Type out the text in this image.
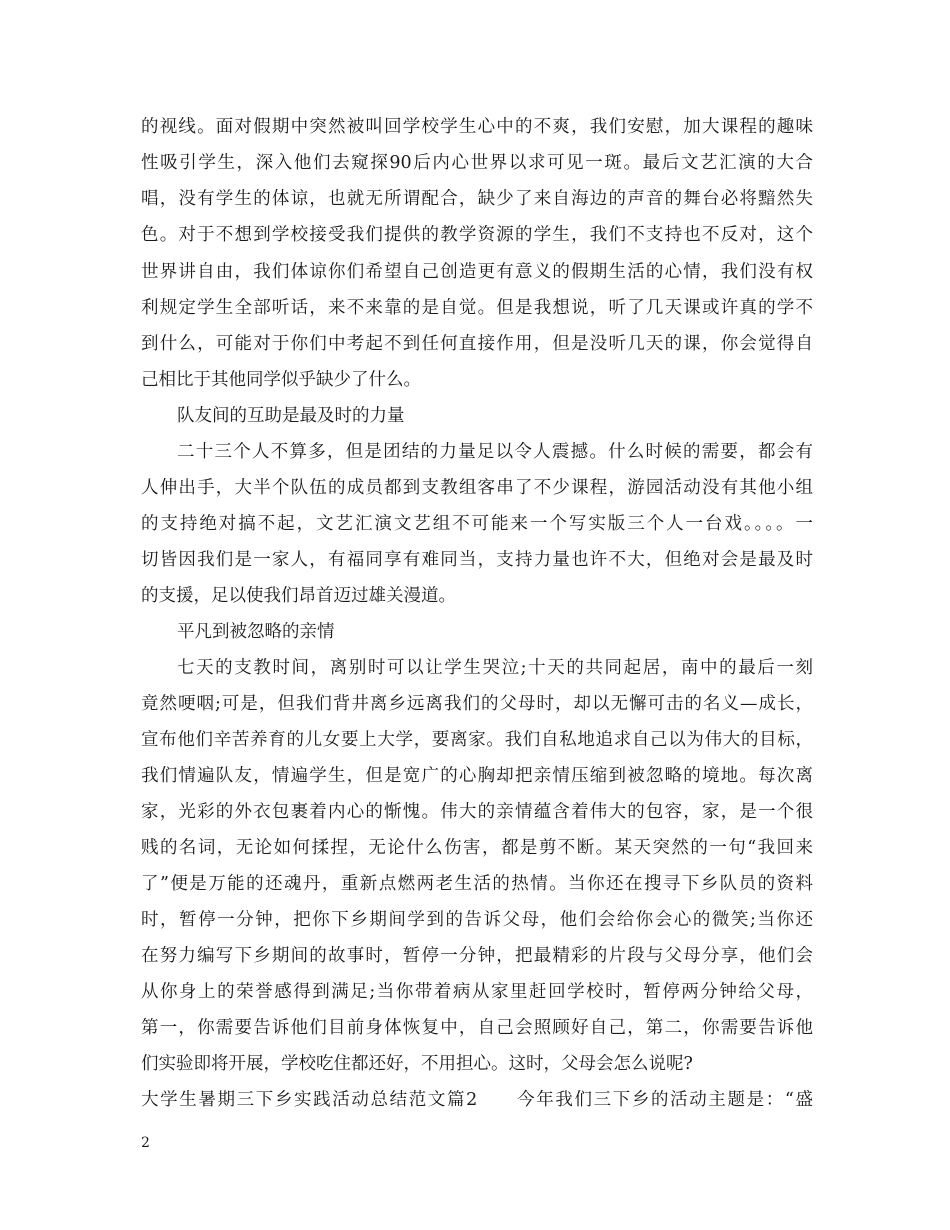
的视线。面对假期中突然被叫回学校学生心中的不爽，我们安慰，加大课程的趣味
性吸引学生，深入他们去窥探90后内心世界以求可见一斑。最后文艺汇演的大合
唱，没有学生的体谅，也就无所谓配合，缺少了来自海边的声音的舞台必将黯然失
色。对于不想到学校接受我们提供的教学资源的学生，我们不支持也不反对，这个
世界讲自由，我们体谅你们希望自己创造更有意义的假期生活的心情，我们没有权
利规定学生全部听话，来不来靠的是自觉。但是我想说，听了几天课或许真的学不
到什么，可能对于你们中考起不到任何直接作用，但是没听几天的课，你会觉得自
己相比于其他同学似乎缺少了什么。
队友间的互助是最及时的力量
二十三个人不算多，但是团结的力量足以令人震撼。什么时候的需要，都会有
人伸出手，大半个队伍的成员都到支教组客串了不少课程，游园活动没有其他小组
的支持绝对搞不起，文艺汇演文艺组不可能来一个写实版三个人一台戏。。。。一
切皆因我们是一家人，有福同享有难同当，支持力量也许不大，但绝对会是最及时
的支援，足以使我们昂首迈过雄关漫道。
平凡到被忽略的亲情
七天的支教时间，离别时可以让学生哭泣;十天的共同起居，南中的最后一刻
竟然哽咽;可是，但我们背井离乡远离我们的父母时，却以无懈可击的名义—成长，
宣布他们辛苦养育的儿女要上大学，要离家。我们自私地追求自己以为伟大的目标，
我们情遍队友，情遍学生，但是宽广的心胸却把亲情压缩到被忽略的境地。每次离
家，光彩的外衣包裹着内心的惭愧。伟大的亲情蕴含着伟大的包容，家，是一个很
贱的名词，无论如何揉捏，无论什么伤害，都是剪不断。某天突然的一句“我回来
了”便是万能的还魂丹，重新点燃两老生活的热情。当你还在搜寻下乡队员的资料
时，暂停一分钟，把你下乡期间学到的告诉父母，他们会给你会心的微笑;当你还
在努力编写下乡期间的故事时，暂停一分钟，把最精彩的片段与父母分享，他们会
从你身上的荣誉感得到满足;当你带着病从家里赶回学校时，暂停两分钟给父母，
第一，你需要告诉他们目前身体恢复中，自己会照顾好自己，第二，你需要告诉他
们实验即将开展，学校吃住都还好，不用担心。这时，父母会怎么说呢?
大学生暑期三下乡实践活动总结范文篇2　　今年我们三下乡的活动主题是：“盛
2
